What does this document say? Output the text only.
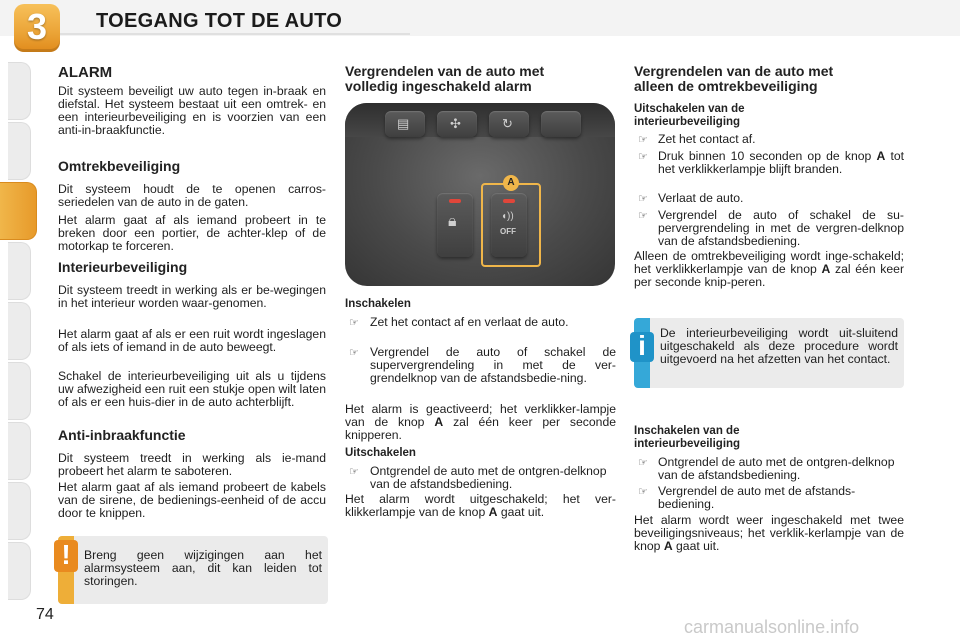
3	TOEGANG TOT DE AUTO
ALARM
Dit systeem beveiligt uw auto tegen in-braak en diefstal. Het systeem bestaat uit een omtrek- en een interieurbeveiliging en is voorzien van een anti-in-braakfunctie.
Omtrekbeveiliging
Dit systeem houdt de te openen carros-seriedelen van de auto in de gaten.
Het alarm gaat af als iemand probeert in te breken door een portier, de achter-klep of de motorkap te forceren.
Interieurbeveiliging
Dit systeem treedt in werking als er be-wegingen in het interieur worden waar-genomen.
Het alarm gaat af als er een ruit wordt ingeslagen of als iets of iemand in de auto beweegt.
Schakel de interieurbeveiliging uit als u tijdens uw afwezigheid een ruit een stukje open wilt laten of als er een huis-dier in de auto achterblijft.
Anti-inbraakfunctie
Dit systeem treedt in werking als ie-mand probeert het alarm te saboteren.
Het alarm gaat af als iemand probeert de kabels van de sirene, de bedienings-eenheid of de accu door te knippen.
!	Breng geen wijzigingen aan het alarmsysteem aan, dit kan leiden tot storingen.
Vergrendelen van de auto met
volledig ingeschakeld alarm
▤	✣	↻
🔒︎	◖))
OFF
A
Inschakelen
☞ Zet het contact af en verlaat de auto.
☞ Vergrendel de auto of schakel de supervergrendeling in met de ver-grendelknop van de afstandsbedie-ning.
Het alarm is geactiveerd; het verklikker-lampje van de knop A zal één keer per seconde knipperen.
Uitschakelen
☞ Ontgrendel de auto met de ontgren-delknop van de afstandsbediening.
Het alarm wordt uitgeschakeld; het ver-klikkerlampje van de knop A gaat uit.
Vergrendelen van de auto met
alleen de omtrekbeveiliging
Uitschakelen van de
interieurbeveiliging
☞ Zet het contact af.
☞ Druk binnen 10 seconden op de knop A tot het verklikkerlampje blijft branden.
☞ Verlaat de auto.
☞ Vergrendel de auto of schakel de su-pervergrendeling in met de vergren-delknop van de afstandsbediening.
Alleen de omtrekbeveiliging wordt inge-schakeld; het verklikkerlampje van de knop A zal één keer per seconde knip-peren.
i	De interieurbeveiliging wordt uit-sluitend uitgeschakeld als deze procedure wordt uitgevoerd na het afzetten van het contact.
Inschakelen van de
interieurbeveiliging
☞ Ontgrendel de auto met de ontgren-delknop van de afstandsbediening.
☞ Vergrendel de auto met de afstands-bediening.
Het alarm wordt weer ingeschakeld met twee beveiligingsniveaus; het verklik-kerlampje van de knop A gaat uit.
74
carmanualsonline.info
